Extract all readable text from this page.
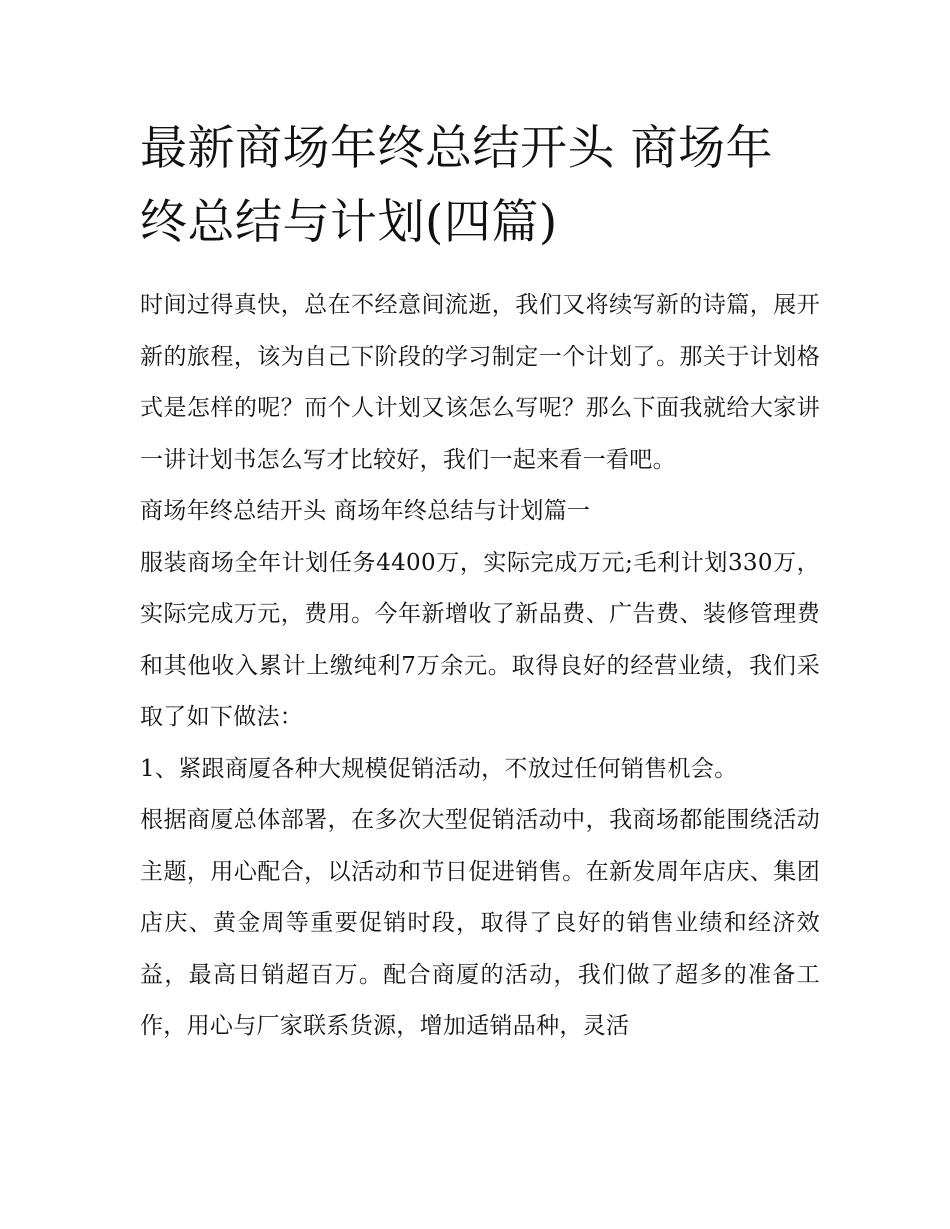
最新商场年终总结开头 商场年终总结与计划(四篇)

时间过得真快，总在不经意间流逝，我们又将续写新的诗篇，展开新的旅程，该为自己下阶段的学习制定一个计划了。那关于计划格式是怎样的呢？而个人计划又该怎么写呢？那么下面我就给大家讲一讲计划书怎么写才比较好，我们一起来看一看吧。

商场年终总结开头 商场年终总结与计划篇一

服装商场全年计划任务4400万，实际完成万元;毛利计划330万，实际完成万元，费用。今年新增收了新品费、广告费、装修管理费和其他收入累计上缴纯利7万余元。取得良好的经营业绩，我们采取了如下做法：

1、紧跟商厦各种大规模促销活动，不放过任何销售机会。

根据商厦总体部署，在多次大型促销活动中，我商场都能围绕活动主题，用心配合，以活动和节日促进销售。在新发周年店庆、集团店庆、黄金周等重要促销时段，取得了良好的销售业绩和经济效益，最高日销超百万。配合商厦的活动，我们做了超多的准备工作，用心与厂家联系货源，增加适销品种，灵活
